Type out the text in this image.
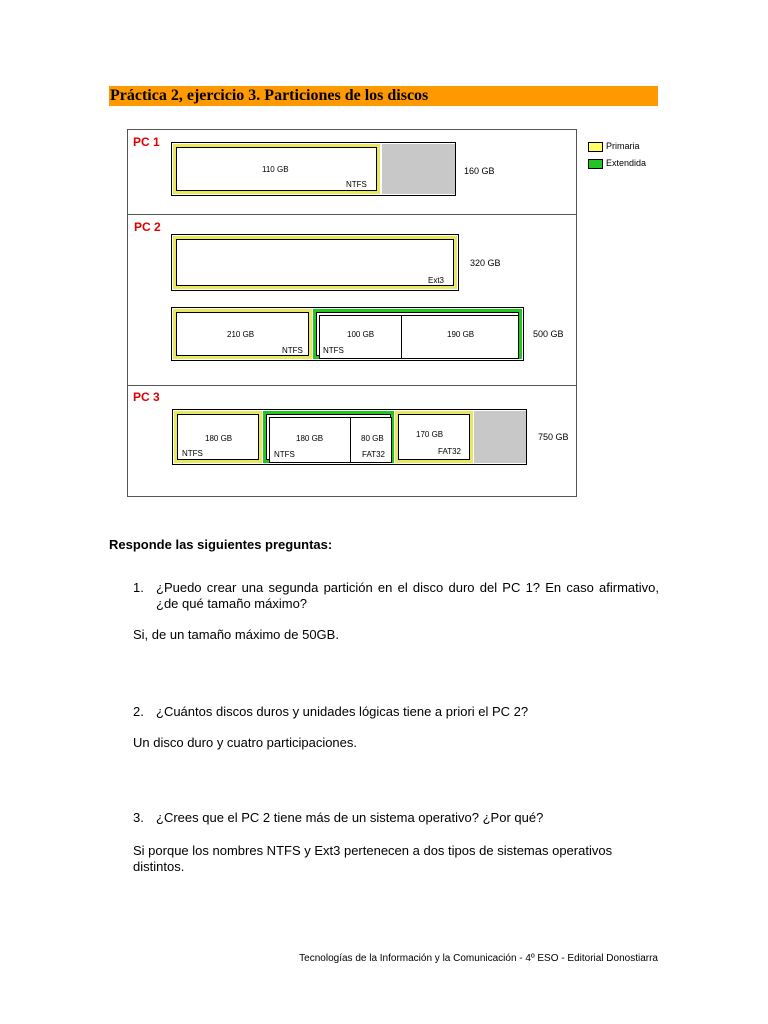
Práctica 2, ejercicio 3. Particiones de los discos
PC 1
110 GB
NTFS
160 GB
Primaria
Extendida
PC 2
Ext3
320 GB
210 GB
NTFS
100 GB
NTFS
190 GB	500 GB
PC 3
180 GB
NTFS
180 GB
NTFS
80 GB
FAT32
170 GB
FAT32
750 GB
Responde las siguientes preguntas:
1. ¿Puedo crear una segunda partición en el disco duro del PC 1? En caso afirmativo, ¿de qué tamaño máximo?
Si, de un tamaño máximo de 50GB.
2. ¿Cuántos discos duros y unidades lógicas tiene a priori el PC 2?
Un disco duro y cuatro participaciones.
3. ¿Crees que el PC 2 tiene más de un sistema operativo? ¿Por qué?
Si porque los nombres NTFS y Ext3 pertenecen a dos tipos de sistemas operativos distintos.
Tecnologías de la Información y la Comunicación - 4º ESO - Editorial Donostiarra
